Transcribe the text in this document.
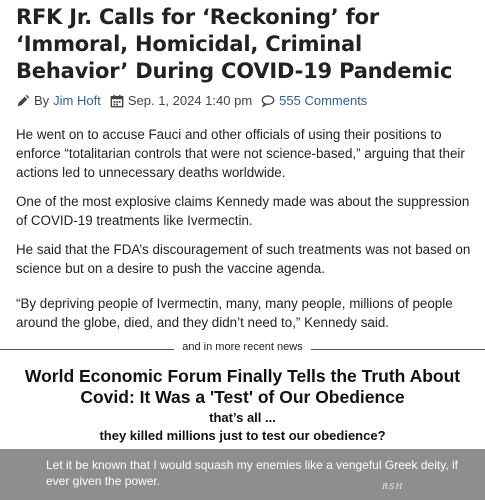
RFK Jr. Calls for ‘Reckoning’ for ‘Immoral, Homicidal, Criminal Behavior’ During COVID-19 Pandemic
By Jim Hoft Sep. 1, 2024 1:40 pm 555 Comments

He went on to accuse Fauci and other officials of using their positions to enforce “totalitarian controls that were not science-based,” arguing that their actions led to unnecessary deaths worldwide.

One of the most explosive claims Kennedy made was about the suppression of COVID-19 treatments like Ivermectin.

He said that the FDA’s discouragement of such treatments was not based on science but on a desire to push the vaccine agenda.

“By depriving people of Ivermectin, many, many people, millions of people around the globe, died, and they didn’t need to,” Kennedy said.

and in more recent news
World Economic Forum Finally Tells the Truth About Covid: It Was a 'Test' of Our Obedience
that’s all ...
they killed millions just to test our obedience?
Let it be known that I would squash my enemies like a vengeful Greek deity, if ever given the power.	RSH
